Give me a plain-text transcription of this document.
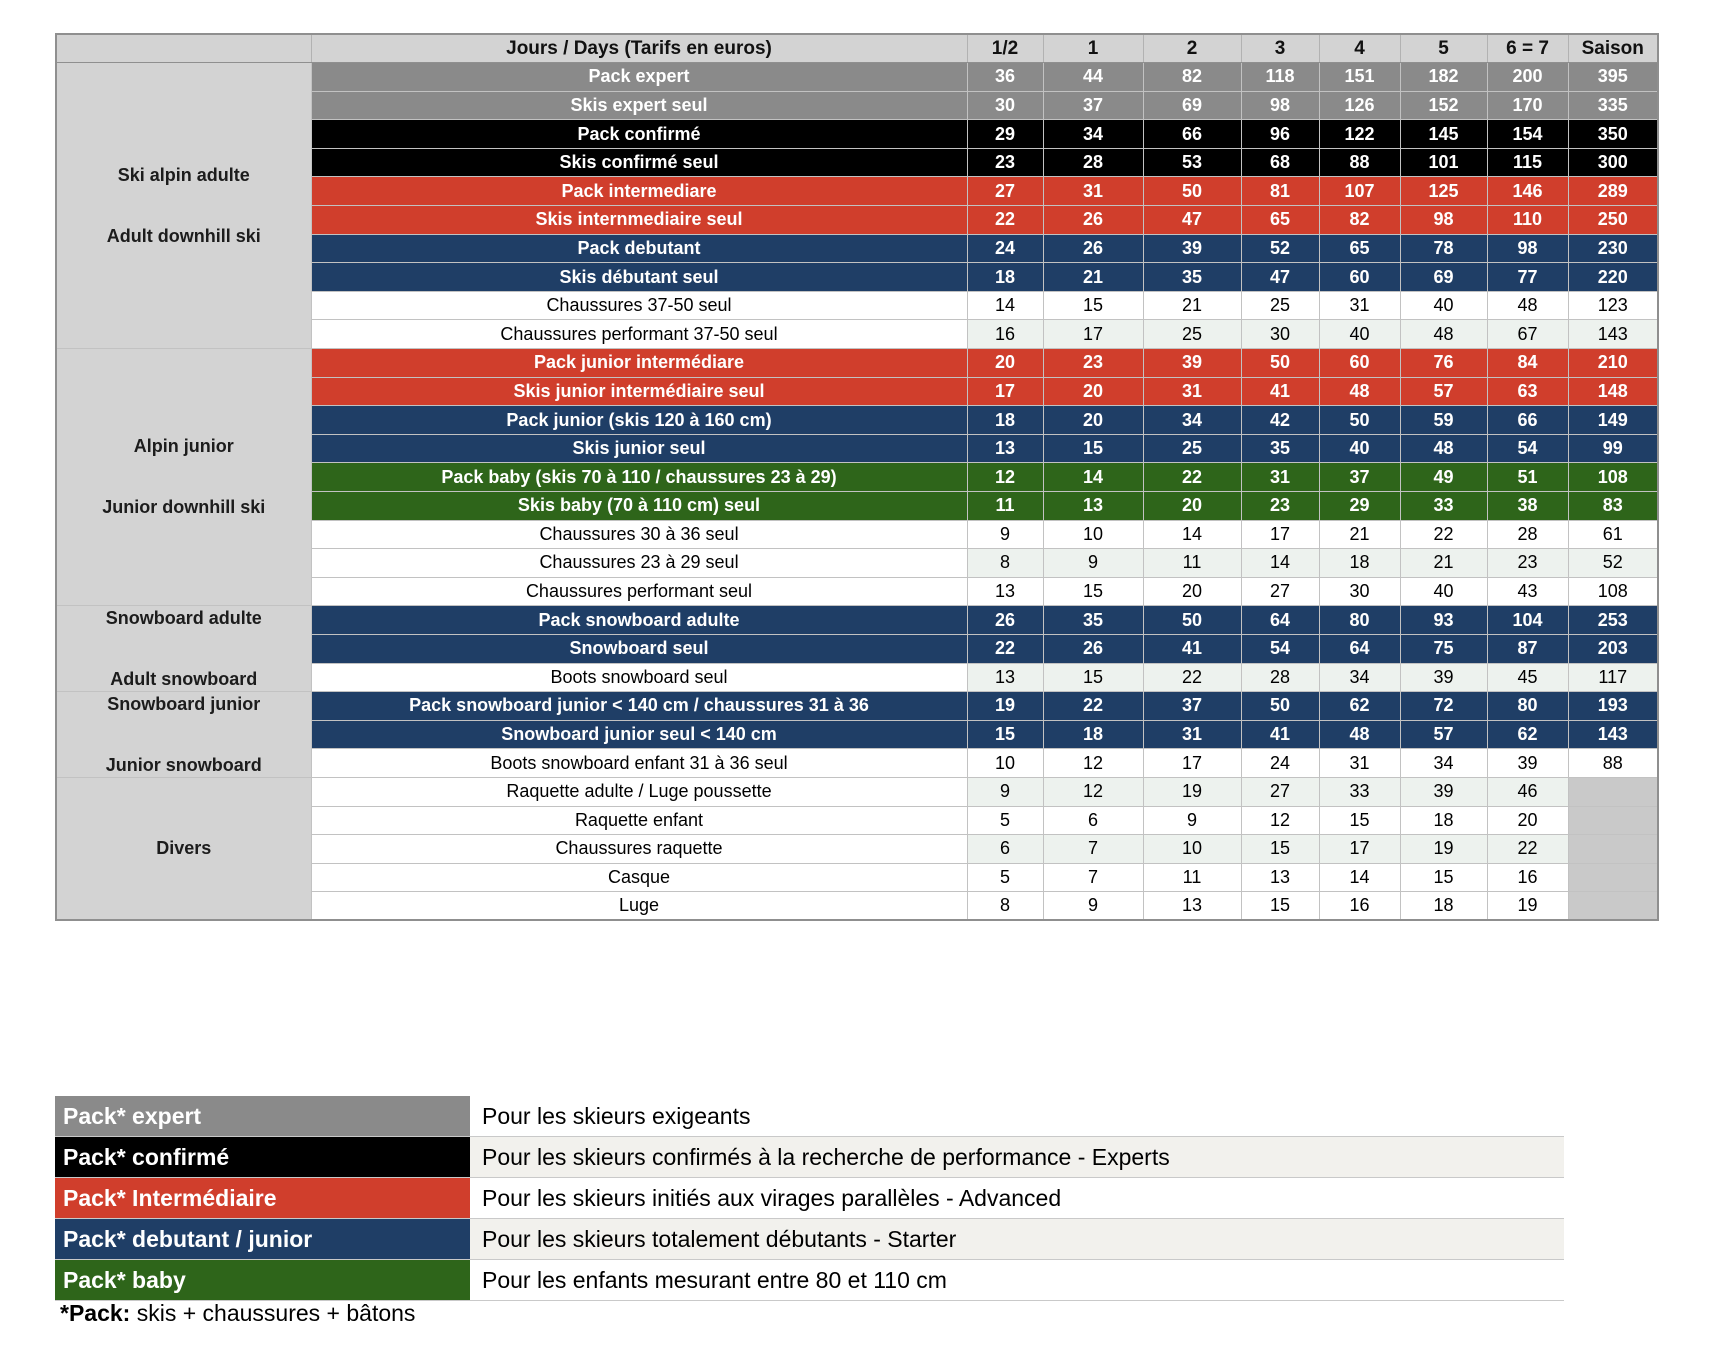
	Jours / Days (Tarifs en euros)	1/2	1	2	3	4	5	6 = 7	Saison

Ski alpin adulte
Adult downhill ski	Pack expert	36	44	82	118	151	182	200	395
	Skis expert seul	30	37	69	98	126	152	170	335
	Pack confirmé	29	34	66	96	122	145	154	350
	Skis confirmé seul	23	28	53	68	88	101	115	300
	Pack intermediare	27	31	50	81	107	125	146	289
	Skis internmediaire seul	22	26	47	65	82	98	110	250
	Pack debutant	24	26	39	52	65	78	98	230
	Skis débutant seul	18	21	35	47	60	69	77	220
	Chaussures 37-50 seul	14	15	21	25	31	40	48	123
	Chaussures performant 37-50 seul	16	17	25	30	40	48	67	143

Alpin junior
Junior downhill ski	Pack junior intermédiare	20	23	39	50	60	76	84	210
	Skis junior intermédiaire seul	17	20	31	41	48	57	63	148
	Pack junior (skis 120 à 160 cm)	18	20	34	42	50	59	66	149
	Skis junior seul	13	15	25	35	40	48	54	99
	Pack baby (skis 70 à 110 / chaussures 23 à 29)	12	14	22	31	37	49	51	108
	Skis baby (70 à 110 cm) seul	11	13	20	23	29	33	38	83
	Chaussures 30 à 36 seul	9	10	14	17	21	22	28	61
	Chaussures 23 à 29 seul	8	9	11	14	18	21	23	52
	Chaussures performant seul	13	15	20	27	30	40	43	108

Snowboard adulte
Adult snowboard	Pack snowboard adulte	26	35	50	64	80	93	104	253
	Snowboard seul	22	26	41	54	64	75	87	203
	Boots snowboard seul	13	15	22	28	34	39	45	117

Snowboard junior
Junior snowboard	Pack snowboard junior < 140 cm / chaussures 31 à 36	19	22	37	50	62	72	80	193
	Snowboard junior seul < 140 cm	15	18	31	41	48	57	62	143
	Boots snowboard enfant 31 à 36 seul	10	12	17	24	31	34	39	88

Divers	Raquette adulte / Luge poussette	9	12	19	27	33	39	46	
	Raquette enfant	5	6	9	12	15	18	20	
	Chaussures raquette	6	7	10	15	17	19	22	
	Casque	5	7	11	13	14	15	16	
	Luge	8	9	13	15	16	18	19	
Pack* expert	Pour les skieurs exigeants
Pack* confirmé	Pour les skieurs confirmés à la recherche de performance - Experts
Pack* Intermédiaire	Pour les skieurs initiés aux virages parallèles - Advanced
Pack* debutant / junior	Pour les skieurs totalement débutants - Starter
Pack* baby	Pour les enfants mesurant entre 80 et 110 cm
*Pack: skis + chaussures + bâtons
